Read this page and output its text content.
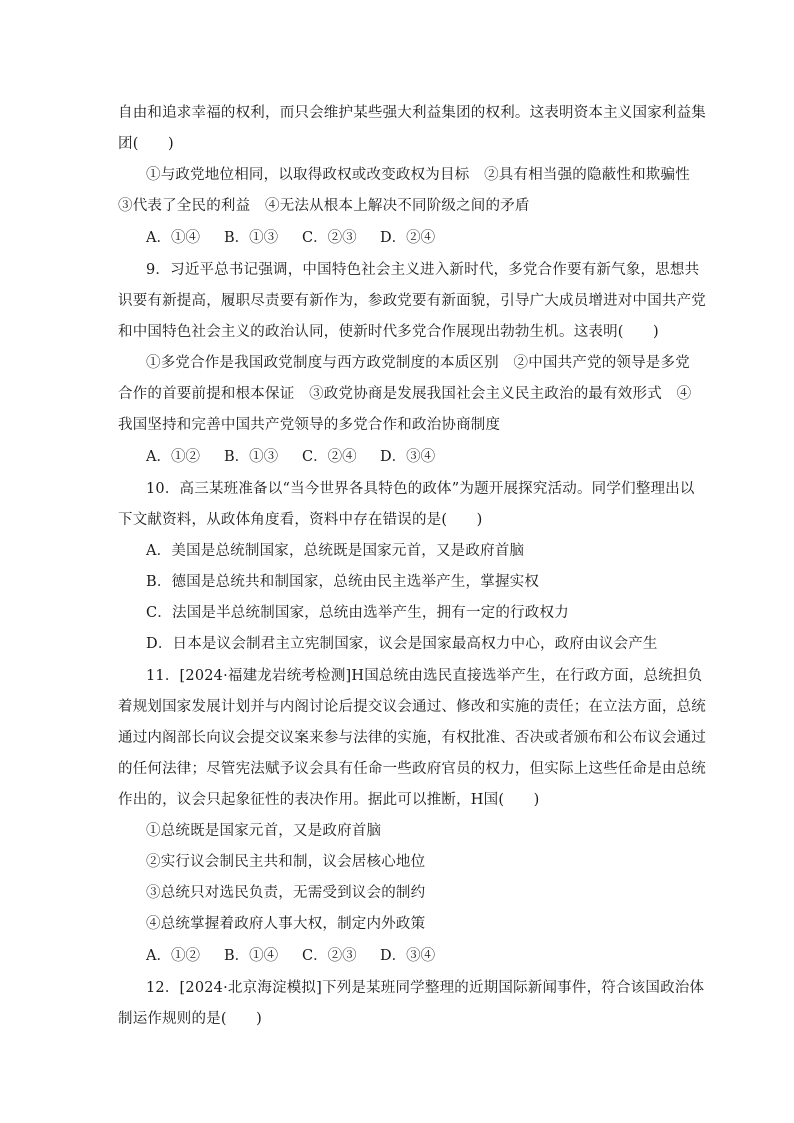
自由和追求幸福的权利，而只会维护某些强大利益集团的权利。这表明资本主义国家利益集
团(　　)
①与政党地位相同，以取得政权或改变政权为目标　②具有相当强的隐蔽性和欺骗性
③代表了全民的利益　④无法从根本上解决不同阶级之间的矛盾
A．①④ B．①③ C．②③ D．②④
9．习近平总书记强调，中国特色社会主义进入新时代，多党合作要有新气象，思想共
识要有新提高，履职尽责要有新作为，参政党要有新面貌，引导广大成员增进对中国共产党
和中国特色社会主义的政治认同，使新时代多党合作展现出勃勃生机。这表明(　　)
①多党合作是我国政党制度与西方政党制度的本质区别　②中国共产党的领导是多党
合作的首要前提和根本保证　③政党协商是发展我国社会主义民主政治的最有效形式　④
我国坚持和完善中国共产党领导的多党合作和政治协商制度
A．①② B．①③ C．②④ D．③④
10．高三某班准备以“当今世界各具特色的政体”为题开展探究活动。同学们整理出以
下文献资料，从政体角度看，资料中存在错误的是(　　)
A．美国是总统制国家，总统既是国家元首，又是政府首脑
B．德国是总统共和制国家，总统由民主选举产生，掌握实权
C．法国是半总统制国家，总统由选举产生，拥有一定的行政权力
D．日本是议会制君主立宪制国家，议会是国家最高权力中心，政府由议会产生
11．[2024·福建龙岩统考检测]H国总统由选民直接选举产生，在行政方面，总统担负
着规划国家发展计划并与内阁讨论后提交议会通过、修改和实施的责任；在立法方面，总统
通过内阁部长向议会提交议案来参与法律的实施，有权批准、否决或者颁布和公布议会通过
的任何法律；尽管宪法赋予议会具有任命一些政府官员的权力，但实际上这些任命是由总统
作出的，议会只起象征性的表决作用。据此可以推断，H国(　　)
①总统既是国家元首，又是政府首脑
②实行议会制民主共和制，议会居核心地位
③总统只对选民负责，无需受到议会的制约
④总统掌握着政府人事大权，制定内外政策
A．①② B．①④ C．②③ D．③④
12．[2024·北京海淀模拟]下列是某班同学整理的近期国际新闻事件，符合该国政治体
制运作规则的是(　　)
